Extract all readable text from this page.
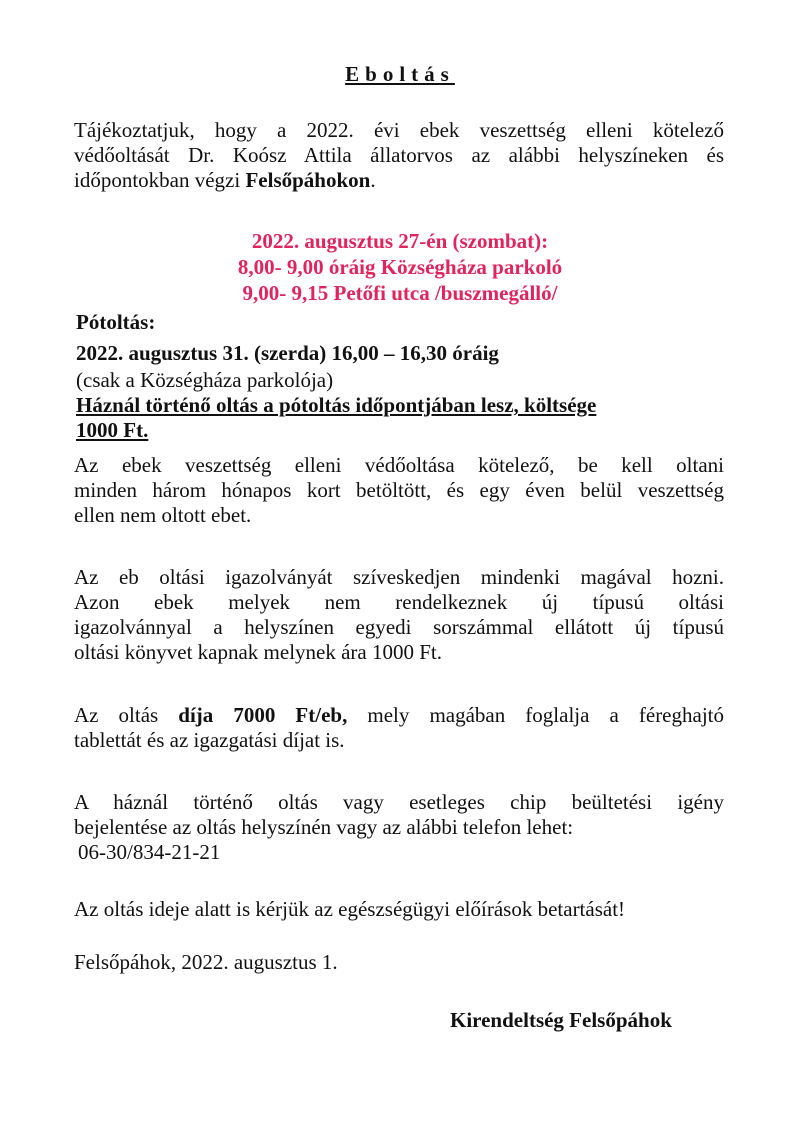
Eboltás
Tájékoztatjuk, hogy a 2022. évi ebek veszettség elleni kötelező
védőoltását Dr. Koósz Attila állatorvos az alábbi helyszíneken és
időpontokban végzi Felsőpáhokon.
2022. augusztus 27-én (szombat):
8,00- 9,00 óráig Községháza parkoló
9,00- 9,15 Petőfi utca /buszmegálló/
Pótoltás:
2022. augusztus 31. (szerda) 16,00 – 16,30 óráig
(csak a Községháza parkolója)
Háznál történő oltás a pótoltás időpontjában lesz, költsége
1000 Ft.
Az ebek veszettség elleni védőoltása kötelező, be kell oltani
minden három hónapos kort betöltött, és egy éven belül veszettség
ellen nem oltott ebet.
Az eb oltási igazolványát szíveskedjen mindenki magával hozni.
Azon ebek melyek nem rendelkeznek új típusú oltási
igazolvánnyal a helyszínen egyedi sorszámmal ellátott új típusú
oltási könyvet kapnak melynek ára 1000 Ft.
Az oltás díja 7000 Ft/eb, mely magában foglalja a féreghajtó
tablettát és az igazgatási díjat is.
A háznál történő oltás vagy esetleges chip beültetési igény
bejelentése az oltás helyszínén vagy az alábbi telefon lehet:
06-30/834-21-21
Az oltás ideje alatt is kérjük az egészségügyi előírások betartását!
Felsőpáhok, 2022. augusztus 1.
Kirendeltség Felsőpáhok
